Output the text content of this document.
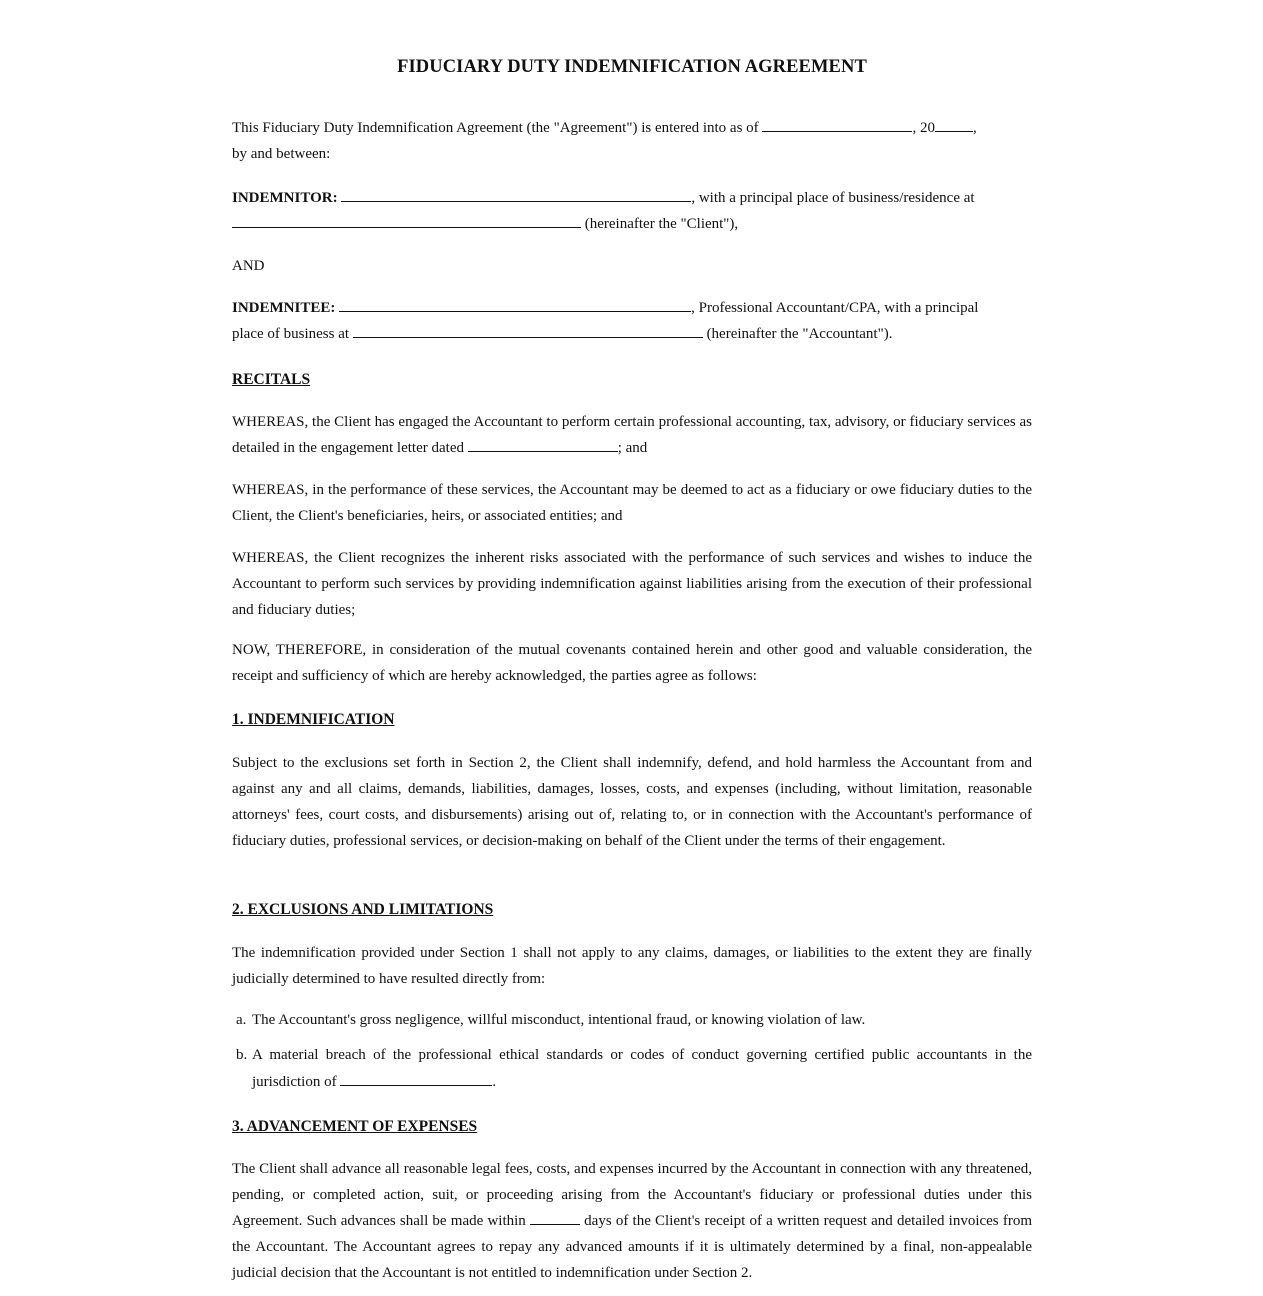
FIDUCIARY DUTY INDEMNIFICATION AGREEMENT

This Fiduciary Duty Indemnification Agreement (the "Agreement") is entered into as of	, 20	,
by and between:

INDEMNITOR:	, with a principal place of business/residence at
(hereinafter the "Client"),

AND

INDEMNITEE:	, Professional Accountant/CPA, with a principal
place of business at	(hereinafter the "Accountant").

RECITALS

WHEREAS, the Client has engaged the Accountant to perform certain professional accounting, tax, advisory, or fiduciary services as detailed in the engagement letter dated	; and

WHEREAS, in the performance of these services, the Accountant may be deemed to act as a fiduciary or owe fiduciary duties to the Client, the Client's beneficiaries, heirs, or associated entities; and

WHEREAS, the Client recognizes the inherent risks associated with the performance of such services and wishes to induce the Accountant to perform such services by providing indemnification against liabilities arising from the execution of their professional and fiduciary duties;

NOW, THEREFORE, in consideration of the mutual covenants contained herein and other good and valuable consideration, the receipt and sufficiency of which are hereby acknowledged, the parties agree as follows:

1. INDEMNIFICATION

Subject to the exclusions set forth in Section 2, the Client shall indemnify, defend, and hold harmless the Accountant from and against any and all claims, demands, liabilities, damages, losses, costs, and expenses (including, without limitation, reasonable attorneys' fees, court costs, and disbursements) arising out of, relating to, or in connection with the Accountant's performance of fiduciary duties, professional services, or decision-making on behalf of the Client under the terms of their engagement.

2. EXCLUSIONS AND LIMITATIONS

The indemnification provided under Section 1 shall not apply to any claims, damages, or liabilities to the extent they are finally judicially determined to have resulted directly from:

a. The Accountant's gross negligence, willful misconduct, intentional fraud, or knowing violation of law.
b. A material breach of the professional ethical standards or codes of conduct governing certified public accountants in the jurisdiction of	.

3. ADVANCEMENT OF EXPENSES

The Client shall advance all reasonable legal fees, costs, and expenses incurred by the Accountant in connection with any threatened, pending, or completed action, suit, or proceeding arising from the Accountant's fiduciary or professional duties under this Agreement. Such advances shall be made within	days of the Client's receipt of a written request and detailed invoices from the Accountant. The Accountant agrees to repay any advanced amounts if it is ultimately determined by a final, non-appealable judicial decision that the Accountant is not entitled to indemnification under Section 2.
